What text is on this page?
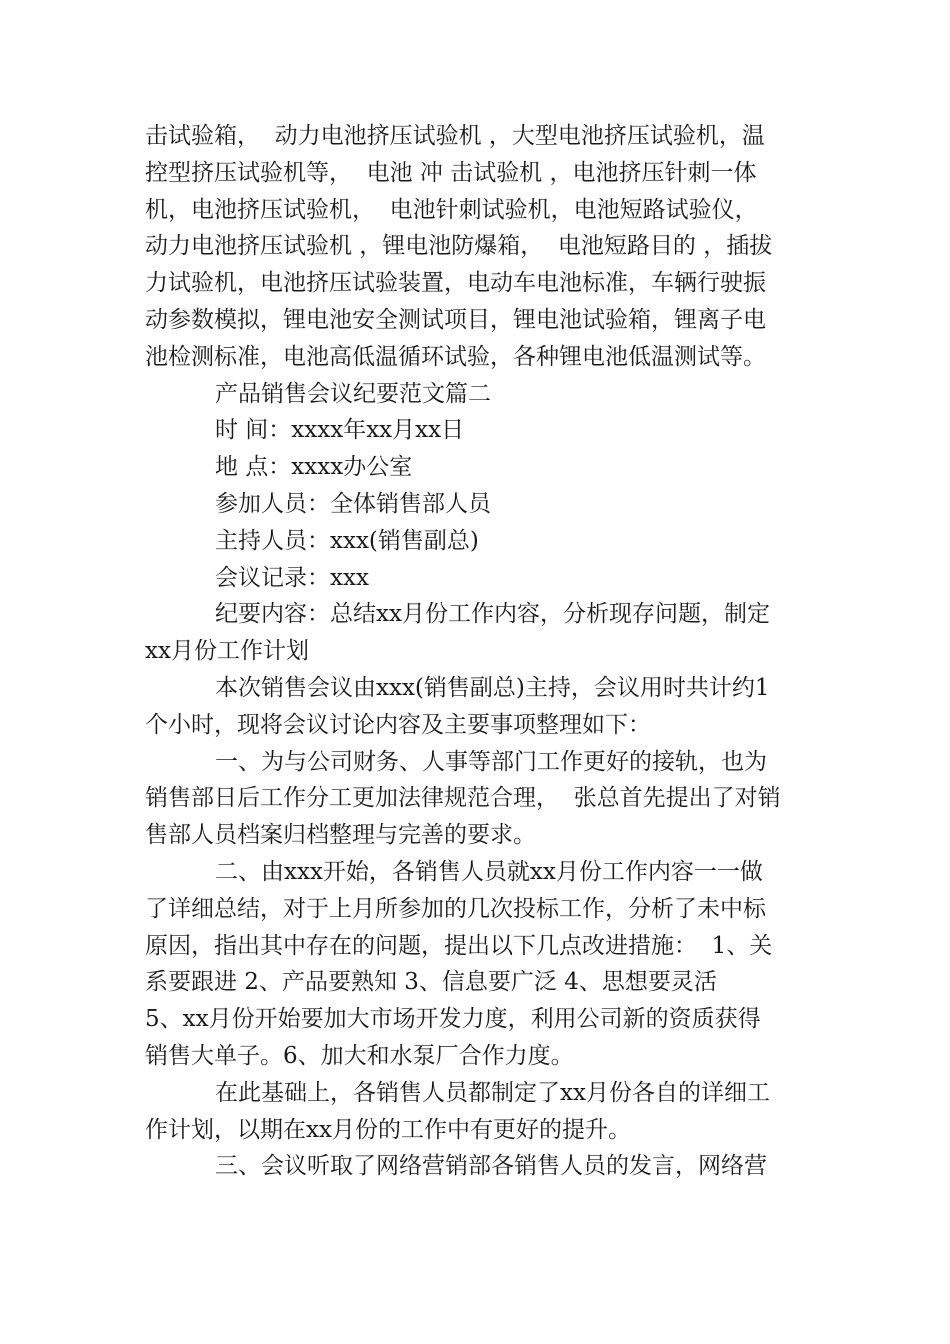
击试验箱，  动力电池挤压试验机 ，大型电池挤压试验机，温
控型挤压试验机等，  电池 冲 击试验机 ，电池挤压针刺一体
机，电池挤压试验机，  电池针刺试验机，电池短路试验仪，
动力电池挤压试验机 ，锂电池防爆箱，  电池短路目的 ，插拔
力试验机，电池挤压试验装置，电动车电池标准，车辆行驶振
动参数模拟，锂电池安全测试项目，锂电池试验箱，锂离子电
池检测标准，电池高低温循环试验，各种锂电池低温测试等。
产品销售会议纪要范文篇二
时 间：xxxx年xx月xx日
地 点：xxxx办公室
参加人员：全体销售部人员
主持人员：xxx(销售副总)
会议记录：xxx
纪要内容：总结xx月份工作内容，分析现存问题，制定
xx月份工作计划
本次销售会议由xxx(销售副总)主持，会议用时共计约1
个小时，现将会议讨论内容及主要事项整理如下：
一、为与公司财务、人事等部门工作更好的接轨，也为
销售部日后工作分工更加法律规范合理，  张总首先提出了对销
售部人员档案归档整理与完善的要求。
二、由xxx开始，各销售人员就xx月份工作内容一一做
了详细总结，对于上月所参加的几次投标工作，分析了未中标
原因，指出其中存在的问题，提出以下几点改进措施：  1、关
系要跟进 2、产品要熟知 3、信息要广泛 4、思想要灵活
5、xx月份开始要加大市场开发力度，利用公司新的资质获得
销售大单子。6、加大和水泵厂合作力度。
在此基础上，各销售人员都制定了xx月份各自的详细工
作计划，以期在xx月份的工作中有更好的提升。
三、会议听取了网络营销部各销售人员的发言，网络营
